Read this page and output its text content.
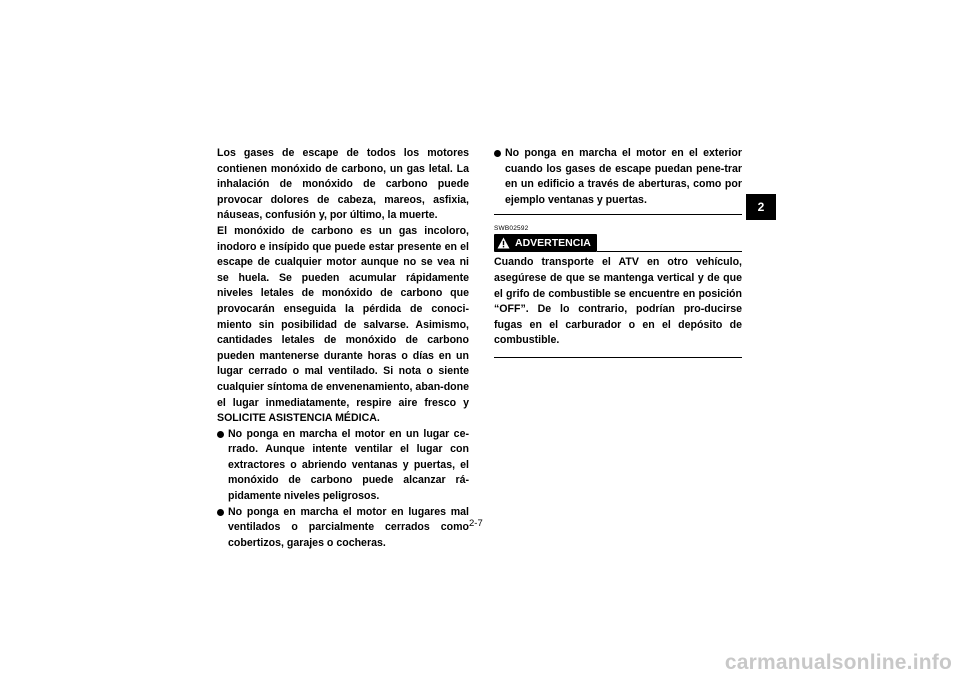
Los gases de escape de todos los motores contienen monóxido de carbono, un gas letal. La inhalación de monóxido de carbono puede provocar dolores de cabeza, mareos, asfixia, náuseas, confusión y, por último, la muerte.

El monóxido de carbono es un gas incoloro, inodoro e insípido que puede estar presente en el escape de cualquier motor aunque no se vea ni se huela. Se pueden acumular rápidamente niveles letales de monóxido de carbono que provocarán enseguida la pérdida de conoci-miento sin posibilidad de salvarse. Asimismo, cantidades letales de monóxido de carbono pueden mantenerse durante horas o días en un lugar cerrado o mal ventilado. Si nota o siente cualquier síntoma de envenenamiento, aban-done el lugar inmediatamente, respire aire fresco y SOLICITE ASISTENCIA MÉDICA.

No ponga en marcha el motor en un lugar ce-rrado. Aunque intente ventilar el lugar con extractores o abriendo ventanas y puertas, el monóxido de carbono puede alcanzar rá-pidamente niveles peligrosos.
No ponga en marcha el motor en lugares mal ventilados o parcialmente cerrados como cobertizos, garajes o cocheras.
No ponga en marcha el motor en el exterior cuando los gases de escape puedan pene-trar en un edificio a través de aberturas, como por ejemplo ventanas y puertas.
SWB02592
ADVERTENCIA

Cuando transporte el ATV en otro vehículo, asegúrese de que se mantenga vertical y de que el grifo de combustible se encuentre en posición “OFF”. De lo contrario, podrían pro-ducirse fugas en el carburador o en el depósito de combustible.

2
2-7
carmanualsonline.info
